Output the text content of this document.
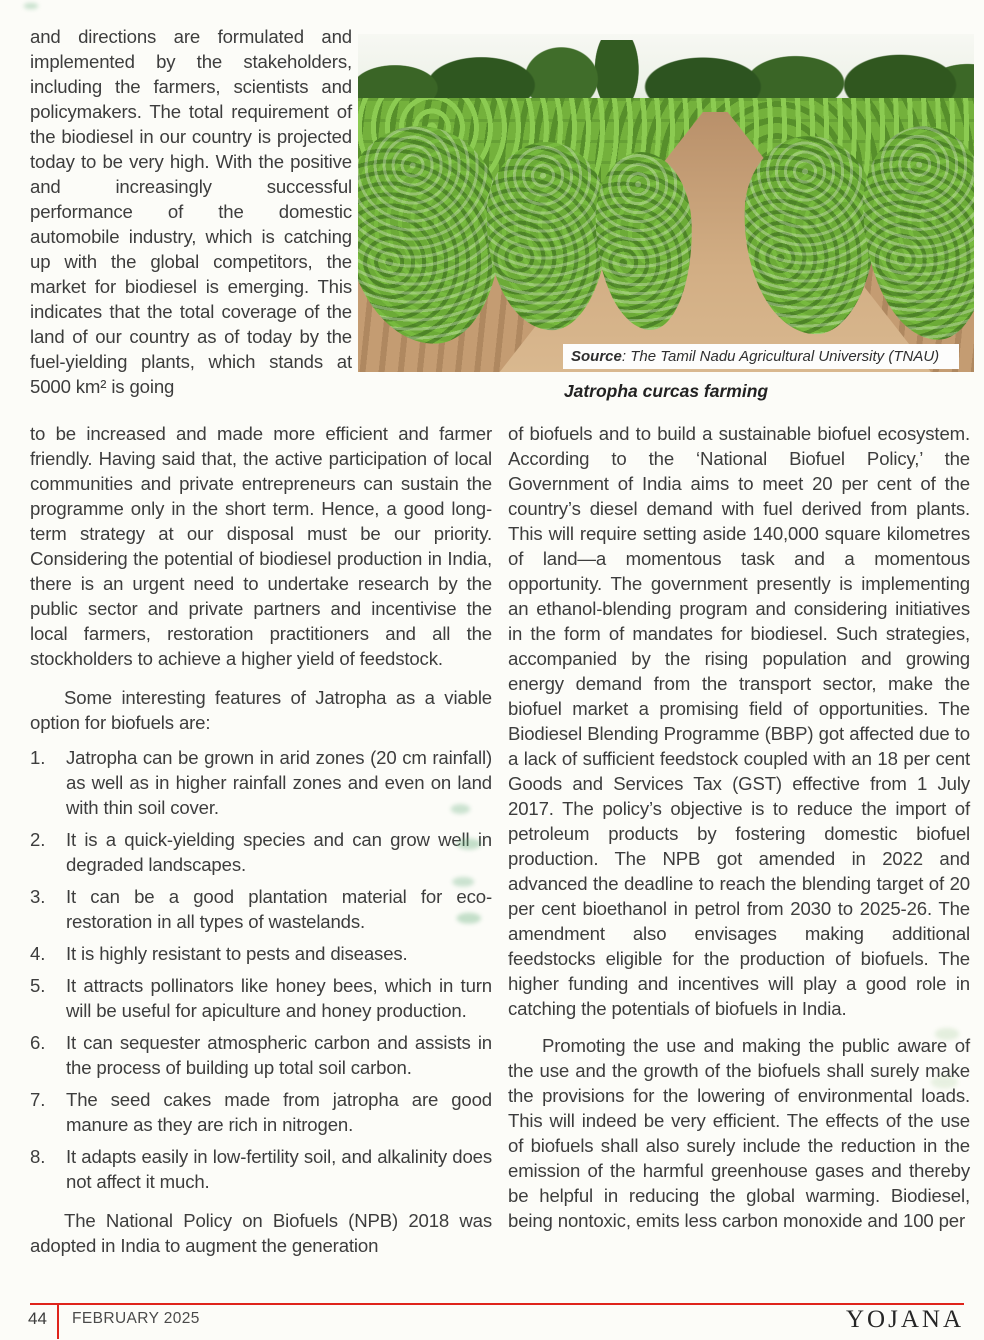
and directions are formulated and implemented by the stakeholders, including the farmers, scientists and policymakers. The total requirement of the biodiesel in our country is projected today to be very high. With the positive and increasingly successful performance of the domestic automobile industry, which is catching up with the global competitors, the market for biodiesel is emerging. This indicates that the total coverage of the land of our country as of today by the fuel-yielding plants, which stands at 5000 km² is going

Source : The Tamil Nadu Agricultural University (TNAU)
Jatropha curcas farming

to be increased and made more efficient and farmer friendly. Having said that, the active participation of local communities and private entrepreneurs can sustain the programme only in the short term. Hence, a good long-term strategy at our disposal must be our priority. Considering the potential of biodiesel production in India, there is an urgent need to undertake research by the public sector and private partners and incentivise the local farmers, restoration practitioners and all the stockholders to achieve a higher yield of feedstock.

Some interesting features of Jatropha as a viable option for biofuels are:

1.	Jatropha can be grown in arid zones (20 cm rainfall) as well as in higher rainfall zones and even on land with thin soil cover.
2.	It is a quick-yielding species and can grow well in degraded landscapes.
3.	It can be a good plantation material for eco-restoration in all types of wastelands.
4.	It is highly resistant to pests and diseases.
5.	It attracts pollinators like honey bees, which in turn will be useful for apiculture and honey production.
6.	It can sequester atmospheric carbon and assists in the process of building up total soil carbon.
7.	The seed cakes made from jatropha are good manure as they are rich in nitrogen.
8.	It adapts easily in low-fertility soil, and alkalinity does not affect it much.

The National Policy on Biofuels (NPB) 2018 was adopted in India to augment the generation

of biofuels and to build a sustainable biofuel ecosystem. According to the ‘National Biofuel Policy,’ the Government of India aims to meet 20 per cent of the country’s diesel demand with fuel derived from plants. This will require setting aside 140,000 square kilometres of land—a momentous task and a momentous opportunity. The government presently is implementing an ethanol-blending program and considering initiatives in the form of mandates for biodiesel. Such strategies, accompanied by the rising population and growing energy demand from the transport sector, make the biofuel market a promising field of opportunities. The Biodiesel Blending Programme (BBP) got affected due to a lack of sufficient feedstock coupled with an 18 per cent Goods and Services Tax (GST) effective from 1 July 2017. The policy’s objective is to reduce the import of petroleum products by fostering domestic biofuel production. The NPB got amended in 2022 and advanced the deadline to reach the blending target of 20 per cent bioethanol in petrol from 2030 to 2025-26. The amendment also envisages making additional feedstocks eligible for the production of biofuels. The higher funding and incentives will play a good role in catching the potentials of biofuels in India.

Promoting the use and making the public aware of the use and the growth of the biofuels shall surely make the provisions for the lowering of environmental loads. This will indeed be very efficient. The effects of the use of biofuels shall also surely include the reduction in the emission of the harmful greenhouse gases and thereby be helpful in reducing the global warming. Biodiesel, being nontoxic, emits less carbon monoxide and 100 per

44	FEBRUARY 2025	YOJANA
